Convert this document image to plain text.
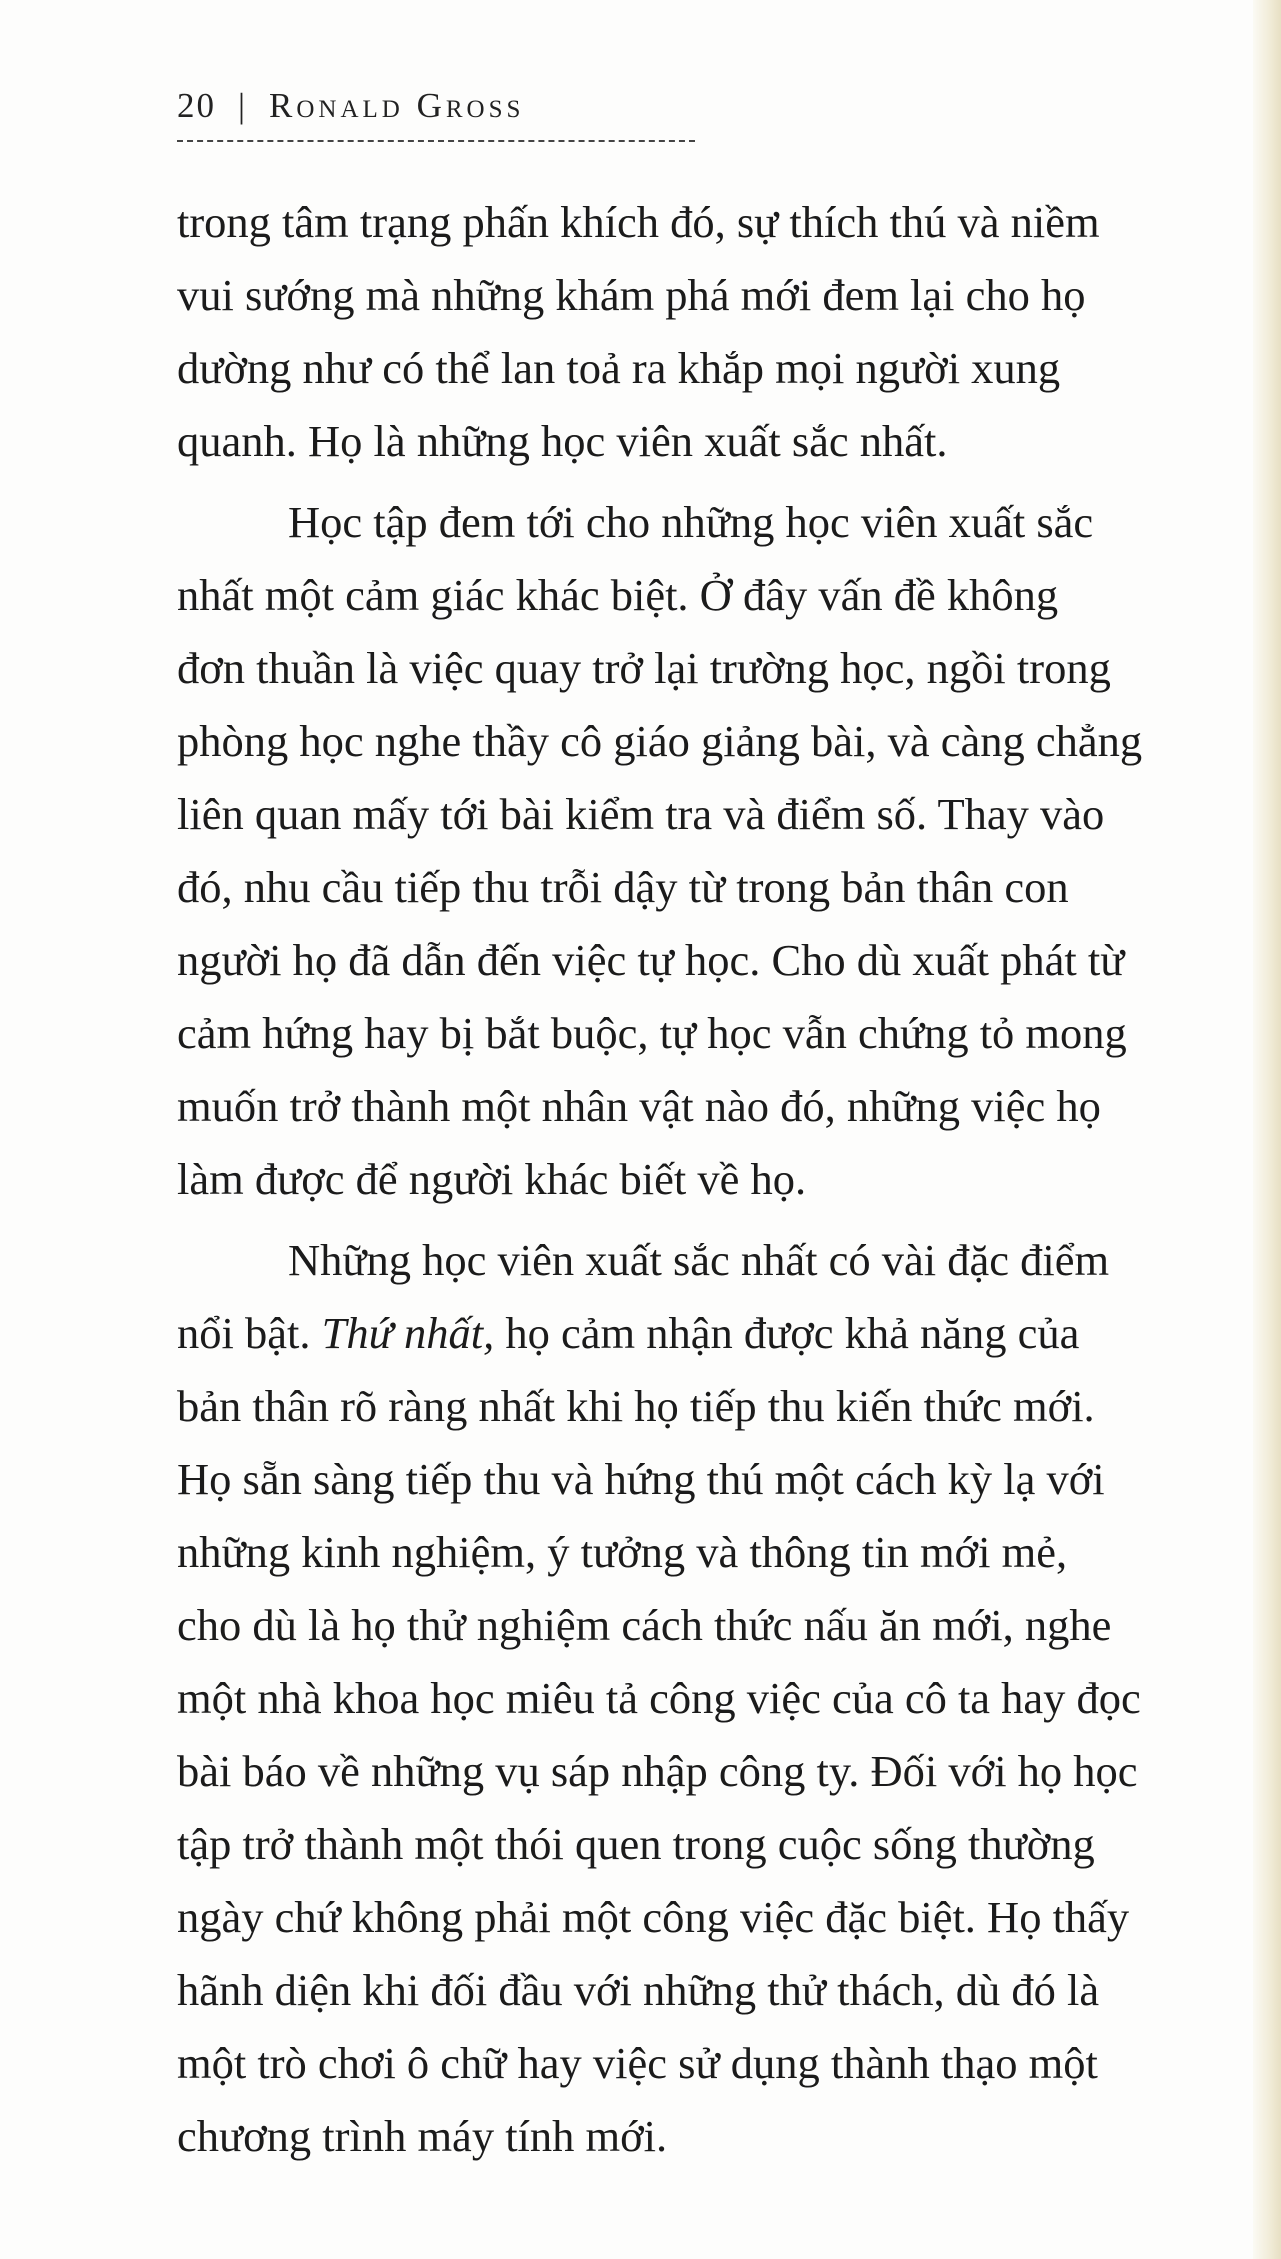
20 | Ronald Gross

trong tâm trạng phấn khích đó, sự thích thú và niềm
vui sướng mà những khám phá mới đem lại cho họ
dường như có thể lan toả ra khắp mọi người xung
quanh. Họ là những học viên xuất sắc nhất.

Học tập đem tới cho những học viên xuất sắc
nhất một cảm giác khác biệt. Ở đây vấn đề không
đơn thuần là việc quay trở lại trường học, ngồi trong
phòng học nghe thầy cô giáo giảng bài, và càng chẳng
liên quan mấy tới bài kiểm tra và điểm số. Thay vào
đó, nhu cầu tiếp thu trỗi dậy từ trong bản thân con
người họ đã dẫn đến việc tự học. Cho dù xuất phát từ
cảm hứng hay bị bắt buộc, tự học vẫn chứng tỏ mong
muốn trở thành một nhân vật nào đó, những việc họ
làm được để người khác biết về họ.

Những học viên xuất sắc nhất có vài đặc điểm
nổi bật. Thứ nhất, họ cảm nhận được khả năng của
bản thân rõ ràng nhất khi họ tiếp thu kiến thức mới.
Họ sẵn sàng tiếp thu và hứng thú một cách kỳ lạ với
những kinh nghiệm, ý tưởng và thông tin mới mẻ,
cho dù là họ thử nghiệm cách thức nấu ăn mới, nghe
một nhà khoa học miêu tả công việc của cô ta hay đọc
bài báo về những vụ sáp nhập công ty. Đối với họ học
tập trở thành một thói quen trong cuộc sống thường
ngày chứ không phải một công việc đặc biệt. Họ thấy
hãnh diện khi đối đầu với những thử thách, dù đó là
một trò chơi ô chữ hay việc sử dụng thành thạo một
chương trình máy tính mới.
